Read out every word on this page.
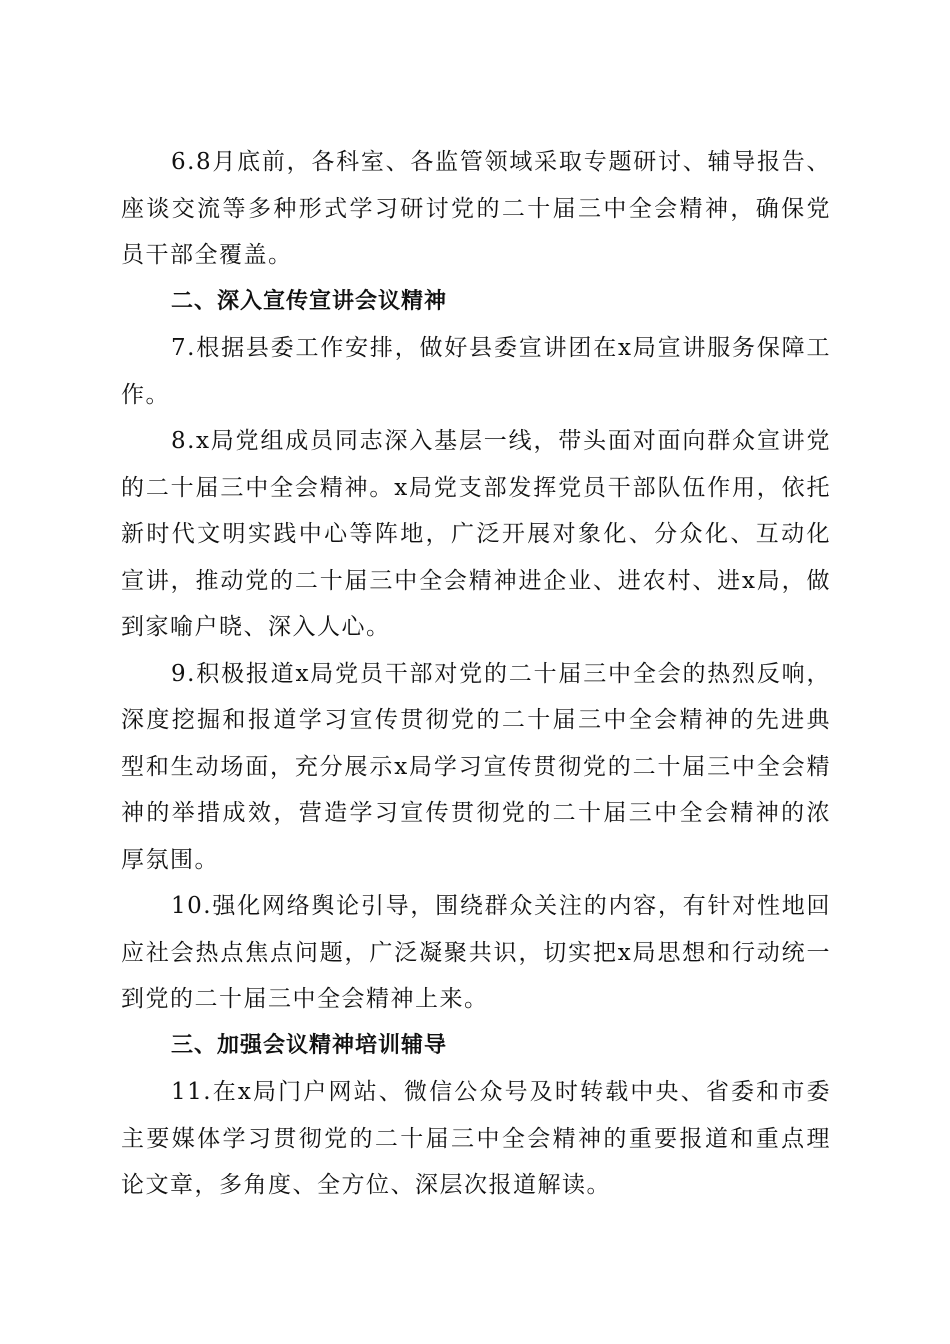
6.8月底前，各科室、各监管领域采取专题研讨、辅导报告、座谈交流等多种形式学习研讨党的二十届三中全会精神，确保党员干部全覆盖。

二、深入宣传宣讲会议精神

7.根据县委工作安排，做好县委宣讲团在x局宣讲服务保障工作。

8.x局党组成员同志深入基层一线，带头面对面向群众宣讲党的二十届三中全会精神。x局党支部发挥党员干部队伍作用，依托新时代文明实践中心等阵地，广泛开展对象化、分众化、互动化宣讲，推动党的二十届三中全会精神进企业、进农村、进x局，做到家喻户晓、深入人心。

9.积极报道x局党员干部对党的二十届三中全会的热烈反响，深度挖掘和报道学习宣传贯彻党的二十届三中全会精神的先进典型和生动场面，充分展示x局学习宣传贯彻党的二十届三中全会精神的举措成效，营造学习宣传贯彻党的二十届三中全会精神的浓厚氛围。

10.强化网络舆论引导，围绕群众关注的内容，有针对性地回应社会热点焦点问题，广泛凝聚共识，切实把x局思想和行动统一到党的二十届三中全会精神上来。

三、加强会议精神培训辅导

11.在x局门户网站、微信公众号及时转载中央、省委和市委主要媒体学习贯彻党的二十届三中全会精神的重要报道和重点理论文章，多角度、全方位、深层次报道解读。
